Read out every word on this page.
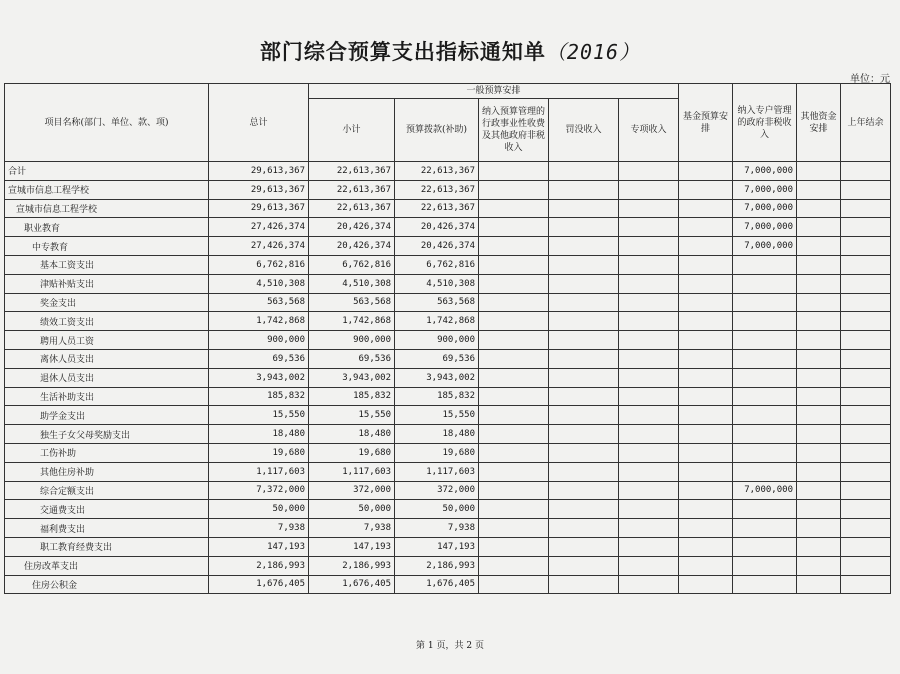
部门综合预算支出指标通知单（2016）
单位：元
项目名称(部门、单位、款、项)	总计	一般预算安排					基金预算安排	纳入专户管理的政府非税收入	其他资金安排	上年结余
		小计	预算拨款(补助)	纳入预算管理的行政事业性收费及其他政府非税收入	罚没收入	专项收入				
合计	29,613,367	22,613,367	22,613,367					7,000,000		
宣城市信息工程学校	29,613,367	22,613,367	22,613,367					7,000,000		
宣城市信息工程学校	29,613,367	22,613,367	22,613,367					7,000,000		
职业教育	27,426,374	20,426,374	20,426,374					7,000,000		
中专教育	27,426,374	20,426,374	20,426,374					7,000,000		
基本工资支出	6,762,816	6,762,816	6,762,816							
津贴补贴支出	4,510,308	4,510,308	4,510,308							
奖金支出	563,568	563,568	563,568							
绩效工资支出	1,742,868	1,742,868	1,742,868							
聘用人员工资	900,000	900,000	900,000							
离休人员支出	69,536	69,536	69,536							
退休人员支出	3,943,002	3,943,002	3,943,002							
生活补助支出	185,832	185,832	185,832							
助学金支出	15,550	15,550	15,550							
独生子女父母奖励支出	18,480	18,480	18,480							
工伤补助	19,680	19,680	19,680							
其他住房补助	1,117,603	1,117,603	1,117,603							
综合定额支出	7,372,000	372,000	372,000					7,000,000		
交通费支出	50,000	50,000	50,000							
福利费支出	7,938	7,938	7,938							
职工教育经费支出	147,193	147,193	147,193							
住房改革支出	2,186,993	2,186,993	2,186,993							
住房公积金	1,676,405	1,676,405	1,676,405							
第 1 页，共 2 页
